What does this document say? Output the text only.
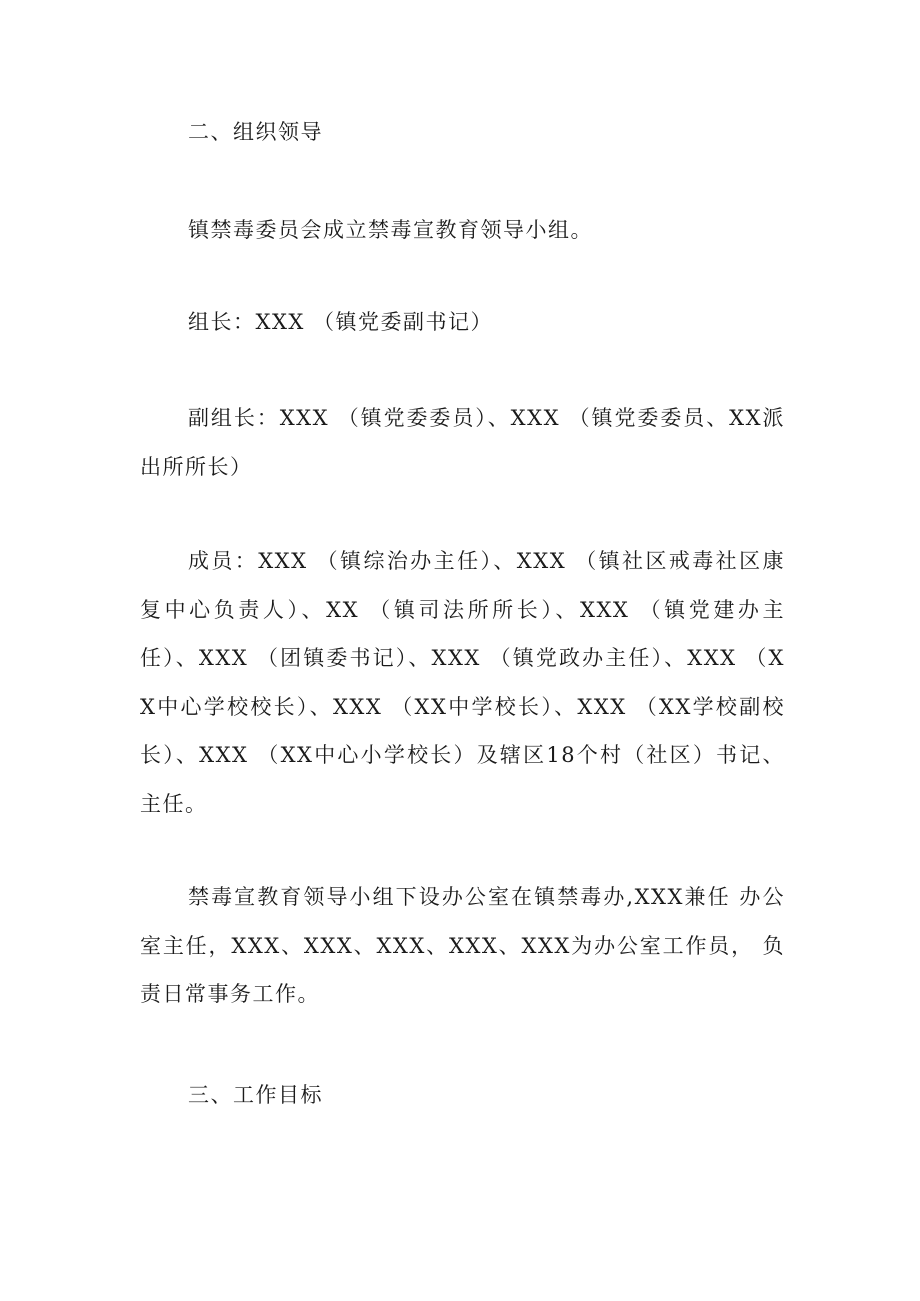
二、组织领导

镇禁毒委员会成立禁毒宣教育领导小组。

组长：XXX （镇党委副书记）

副组长：XXX （镇党委委员）、XXX （镇党委委员、XX派出所所长）

成员：XXX （镇综治办主任）、XXX （镇社区戒毒社区康复中心负责人）、XX （镇司法所所长）、XXX （镇党建办主任）、XXX （团镇委书记）、XXX （镇党政办主任）、XXX （XX中心学校校长）、XXX （XX中学校长）、XXX （XX学校副校长）、XXX （XX中心小学校长）及辖区18个村（社区）书记、主任。

禁毒宣教育领导小组下设办公室在镇禁毒办,XXX兼任 办公室主任，XXX、XXX、XXX、XXX、XXX为办公室工作员， 负责日常事务工作。

三、工作目标
